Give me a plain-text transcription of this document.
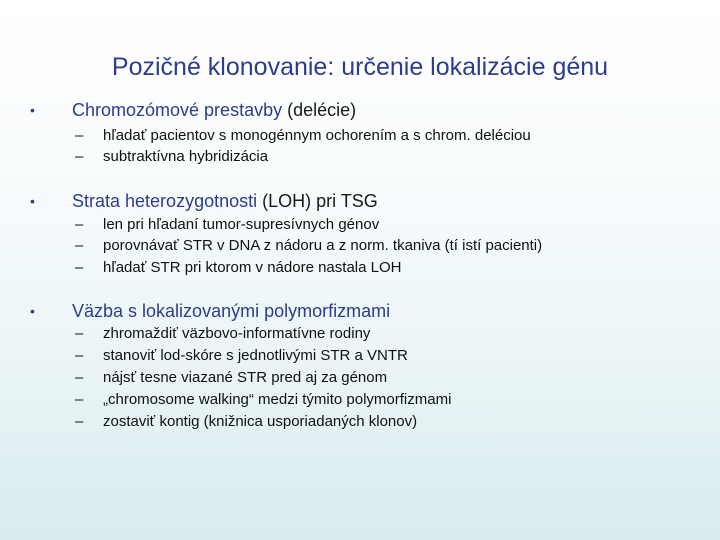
Pozičné klonovanie: určenie lokalizácie génu
• Chromozómové prestavby (delécie)
– hľadať pacientov s monogénnym ochorením a s chrom. deléciou
– subtraktívna hybridizácia
• Strata heterozygotnosti (LOH) pri TSG
– len pri hľadaní tumor-supresívnych génov
– porovnávať STR v DNA z nádoru a z norm. tkaniva (tí istí pacienti)
– hľadať STR pri ktorom v nádore nastala LOH
• Väzba s lokalizovanými polymorfizmami
– zhromaždiť väzbovo-informatívne rodiny
– stanoviť lod-skóre s jednotlivými STR a VNTR
– nájsť tesne viazané STR pred aj za génom
– „chromosome walking“ medzi týmito polymorfizmami
– zostaviť kontig (knižnica usporiadaných klonov)
